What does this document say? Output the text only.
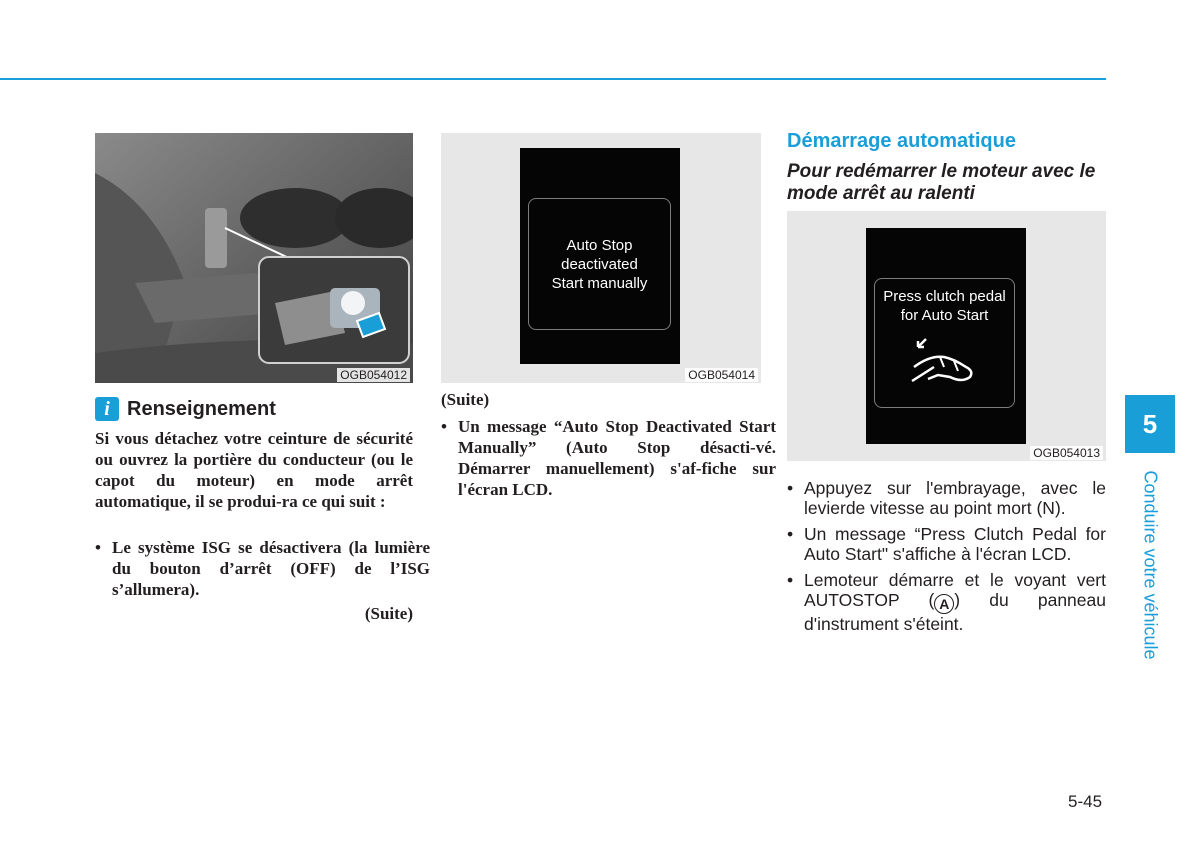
OGB054012
i Renseignement
Si vous détachez votre ceinture de sécurité ou ouvrez la portière du conducteur (ou le capot du moteur) en mode arrêt automatique, il se produi-ra ce qui suit :
• Le système ISG se désactivera (la lumière du bouton d’arrêt (OFF) de l’ISG s’allumera).
(Suite)
Auto Stop
deactivated
Start manually
OGB054014
(Suite)
• Un message “Auto Stop Deactivated Start Manually” (Auto Stop désacti-vé. Démarrer manuellement) s'af-fiche sur l'écran LCD.
Démarrage automatique
Pour redémarrer le moteur avec le mode arrêt au ralenti
Press clutch pedal
for Auto Start
OGB054013
• Appuyez sur l'embrayage, avec le levierde vitesse au point mort (N).
• Un message “Press Clutch Pedal for Auto Start" s'affiche à l'écran LCD.
• Lemoteur démarre et le voyant vert AUTOSTOP ( A ) du panneau d'instrument s'éteint.
5
Conduire votre véhicule
5-45
